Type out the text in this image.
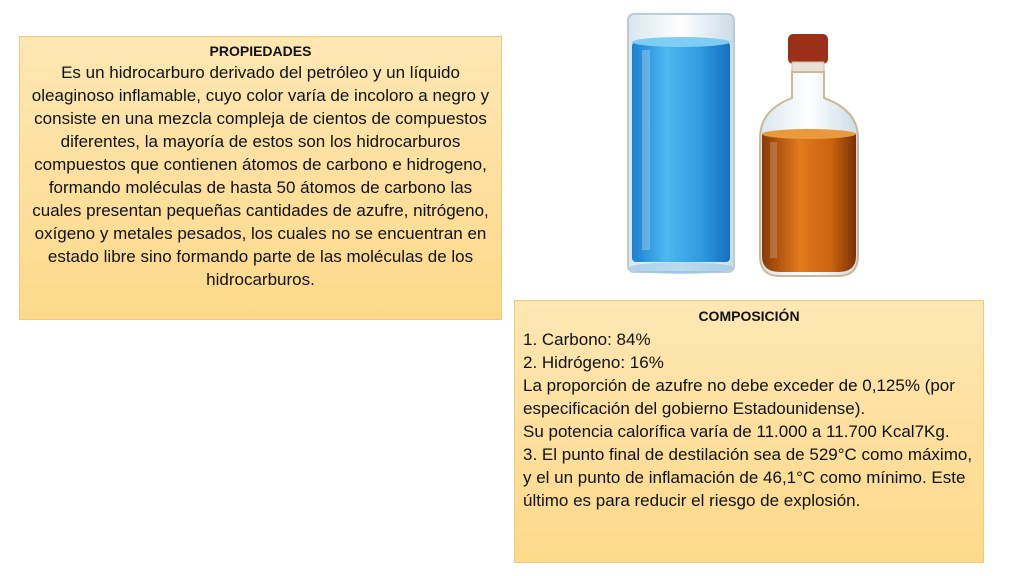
PROPIEDADES
Es un hidrocarburo derivado del petróleo y un líquido oleaginoso inflamable, cuyo color varía de incoloro a negro y consiste en una mezcla compleja de cientos de compuestos diferentes, la mayoría de estos son los hidrocarburos compuestos que contienen átomos de carbono e hidrogeno, formando moléculas de hasta 50 átomos de carbono las cuales presentan pequeñas cantidades de azufre, nitrógeno, oxígeno y metales pesados, los cuales no se encuentran en estado libre sino formando parte de las moléculas de los hidrocarburos.
COMPOSICIÓN
1. Carbono: 84%
2. Hidrógeno: 16%
La proporción de azufre no debe exceder de 0,125% (por especificación del gobierno Estadounidense).
Su potencia calorífica varía de 11.000 a 11.700 Kcal7Kg.
3. El punto final de destilación sea de 529°C como máximo, y el un punto de inflamación de 46,1°C como mínimo. Este último es para reducir el riesgo de explosión.
